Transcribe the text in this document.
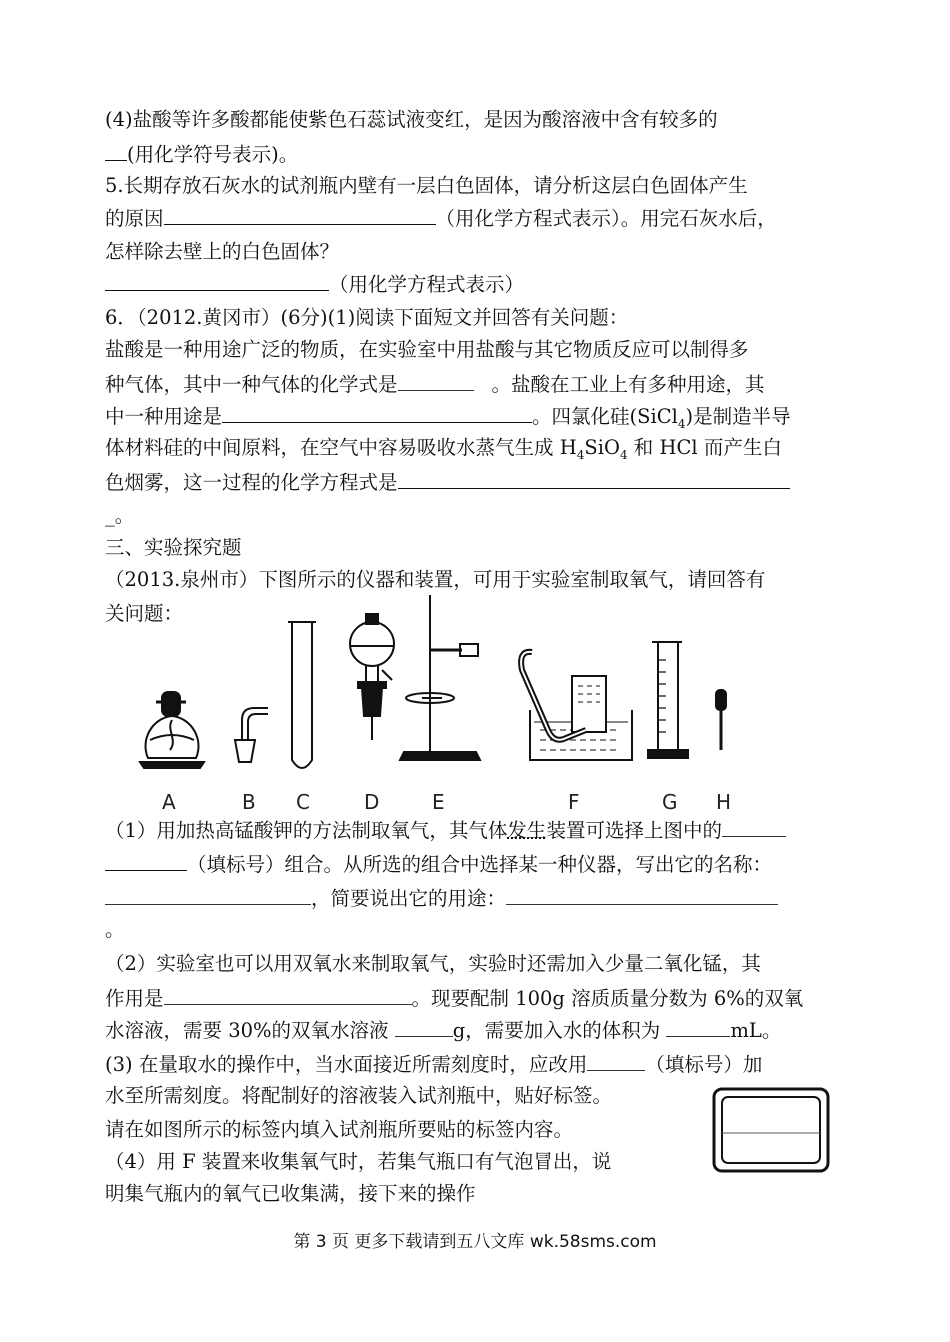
(4)盐酸等许多酸都能使紫色石蕊试液变红，是因为酸溶液中含有较多的
(用化学符号表示)。
5.长期存放石灰水的试剂瓶内壁有一层白色固体，请分析这层白色固体产生
的原因	（用化学方程式表示）。用完石灰水后，
怎样除去壁上的白色固体？
（用化学方程式表示）
6．（2012.黄冈市）(6分)(1)阅读下面短文并回答有关问题：
盐酸是一种用途广泛的物质，在实验室中用盐酸与其它物质反应可以制得多
种气体，其中一种气体的化学式是	。盐酸在工业上有多种用途，其
中一种用途是	。四氯化硅(SiCl$_4$)是制造半导
体材料硅的中间原料，在空气中容易吸收水蒸气生成 $H_4SiO_4$ 和 HCl 而产生白
色烟雾，这一过程的化学方程式是
_。
三、实验探究题
（2013.泉州市）下图所示的仪器和装置，可用于实验室制取氧气，请回答有
关问题：
A	B C	D	E	F	G H
（1）用加热高锰酸钾的方法制取氧气，其气体发生装置可选择上图中的
（填标号）组合。从所选的组合中选择某一种仪器，写出它的名称：
，简要说出它的用途：
。
（2）实验室也可以用双氧水来制取氧气，实验时还需加入少量二氧化锰，其
作用是	。现要配制 100g 溶质质量分数为 6%的双氧
水溶液，需要 30%的双氧水溶液	g，需要加入水的体积为	mL。
(3) 在量取水的操作中，当水面接近所需刻度时，应改用	（填标号）加
水至所需刻度。将配制好的溶液装入试剂瓶中，贴好标签。
请在如图所示的标签内填入试剂瓶所要贴的标签内容。
（4）用 F 装置来收集氧气时，若集气瓶口有气泡冒出，说
明集气瓶内的氧气已收集满，接下来的操作
第 3 页 更多下载请到五八文库 wk.58sms.com
